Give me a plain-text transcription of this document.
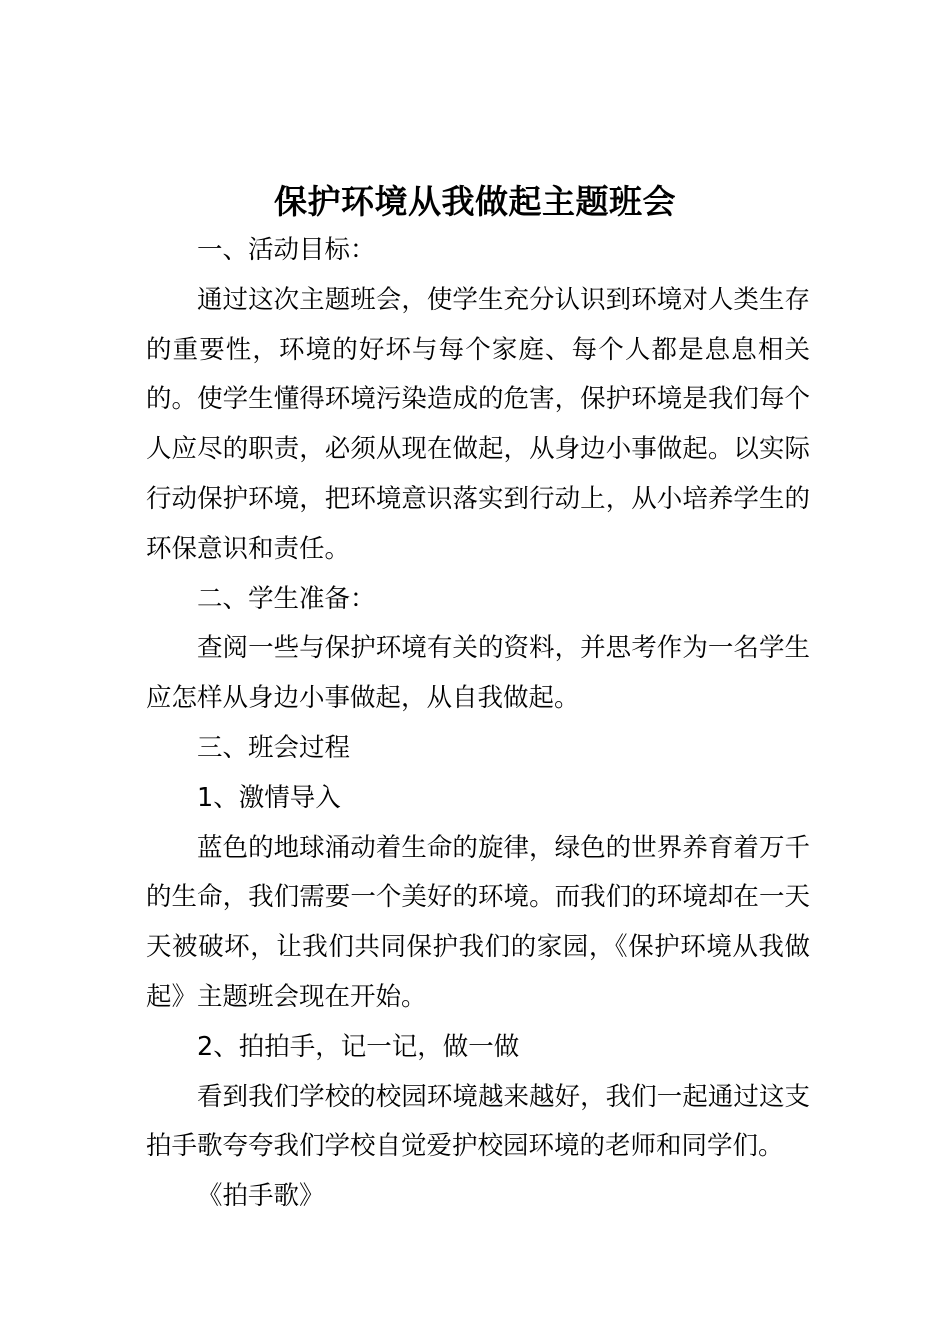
保护环境从我做起主题班会

一、活动目标：

通过这次主题班会，使学生充分认识到环境对人类生存的重要性，环境的好坏与每个家庭、每个人都是息息相关的。使学生懂得环境污染造成的危害，保护环境是我们每个人应尽的职责，必须从现在做起，从身边小事做起。以实际行动保护环境，把环境意识落实到行动上，从小培养学生的环保意识和责任。

二、学生准备：

查阅一些与保护环境有关的资料，并思考作为一名学生应怎样从身边小事做起，从自我做起。

三、班会过程

1、激情导入

蓝色的地球涌动着生命的旋律，绿色的世界养育着万千的生命，我们需要一个美好的环境。而我们的环境却在一天天被破坏，让我们共同保护我们的家园，《保护环境从我做起》主题班会现在开始。

2、拍拍手，记一记，做一做

看到我们学校的校园环境越来越好，我们一起通过这支拍手歌夸夸我们学校自觉爱护校园环境的老师和同学们。

《拍手歌》
